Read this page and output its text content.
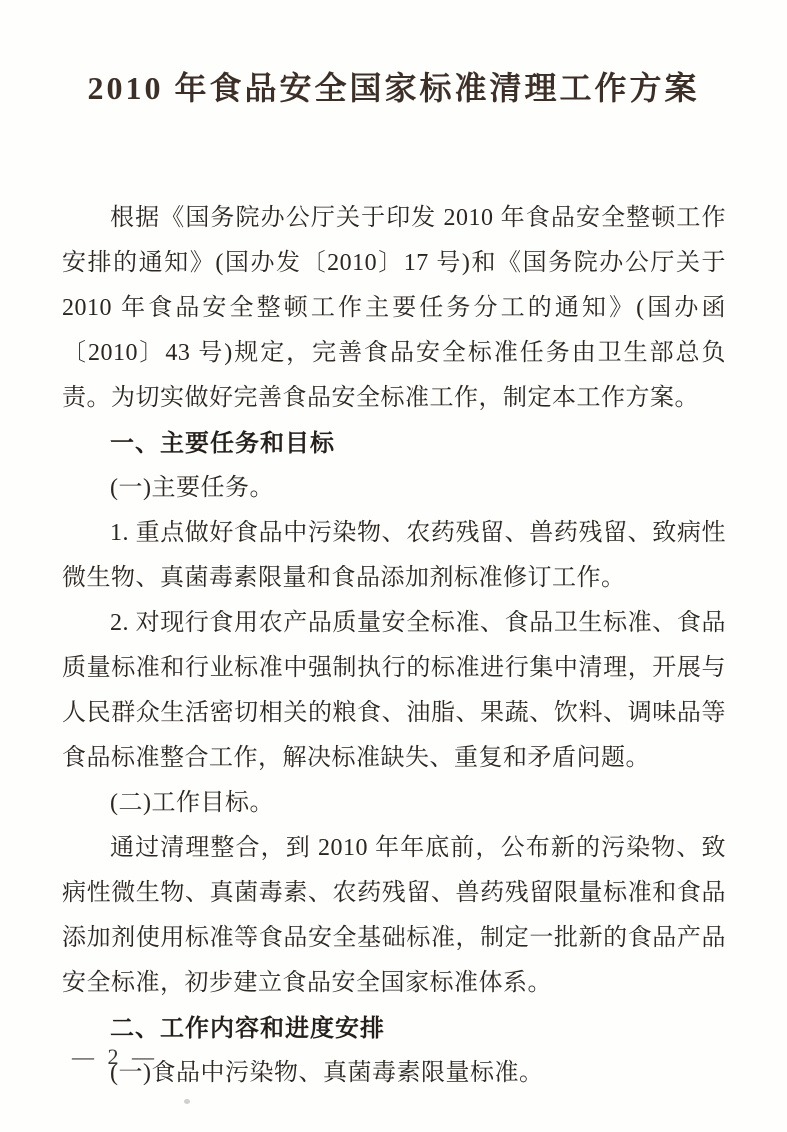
2010 年食品安全国家标准清理工作方案

根据《国务院办公厅关于印发 2010 年食品安全整顿工作安排的通知》(国办发〔2010〕17 号)和《国务院办公厅关于 2010 年食品安全整顿工作主要任务分工的通知》(国办函〔2010〕43 号)规定，完善食品安全标准任务由卫生部总负责。为切实做好完善食品安全标准工作，制定本工作方案。

一、主要任务和目标

(一)主要任务。

1. 重点做好食品中污染物、农药残留、兽药残留、致病性微生物、真菌毒素限量和食品添加剂标准修订工作。

2. 对现行食用农产品质量安全标准、食品卫生标准、食品质量标准和行业标准中强制执行的标准进行集中清理，开展与人民群众生活密切相关的粮食、油脂、果蔬、饮料、调味品等食品标准整合工作，解决标准缺失、重复和矛盾问题。

(二)工作目标。

通过清理整合，到 2010 年年底前，公布新的污染物、致病性微生物、真菌毒素、农药残留、兽药残留限量标准和食品添加剂使用标准等食品安全基础标准，制定一批新的食品产品安全标准，初步建立食品安全国家标准体系。

二、工作内容和进度安排

(一)食品中污染物、真菌毒素限量标准。

— 2 —
